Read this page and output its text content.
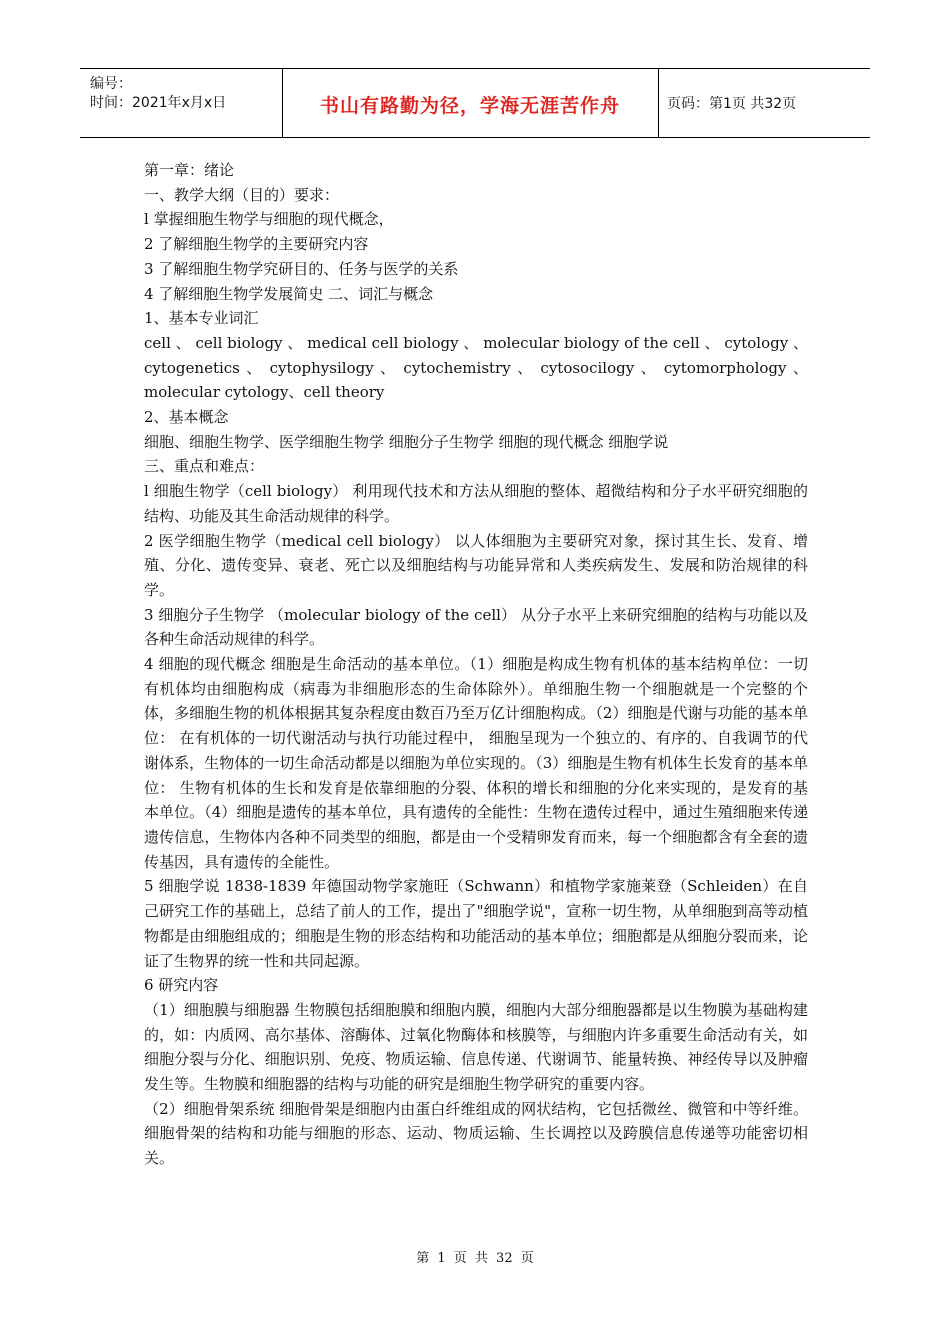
编号：
时间：2021年x月x日	书山有路勤为径，学海无涯苦作舟	页码：第1页 共32页

第一章：绪论

一、教学大纲（目的）要求：

l 掌握细胞生物学与细胞的现代概念，

2 了解细胞生物学的主要研究内容

3 了解细胞生物学究研目的、任务与医学的关系

4 了解细胞生物学发展简史 二、词汇与概念

1、基本专业词汇

cell 、 cell biology 、 medical cell biology 、 molecular biology of the cell 、 cytology 、 cytogenetics 、 cytophysilogy 、 cytochemistry 、 cytosocilogy 、 cytomorphology 、 molecular cytology、cell theory

2、基本概念

细胞、细胞生物学、医学细胞生物学 细胞分子生物学 细胞的现代概念 细胞学说

三、重点和难点：

l 细胞生物学（cell biology） 利用现代技术和方法从细胞的整体、超微结构和分子水平研究细胞的结构、功能及其生命活动规律的科学。

2 医学细胞生物学（medical cell biology） 以人体细胞为主要研究对象，探讨其生长、发育、增殖、分化、遗传变异、衰老、死亡以及细胞结构与功能异常和人类疾病发生、发展和防治规律的科学。

3 细胞分子生物学 （molecular biology of the cell） 从分子水平上来研究细胞的结构与功能以及各种生命活动规律的科学。

4 细胞的现代概念 细胞是生命活动的基本单位。（1）细胞是构成生物有机体的基本结构单位：一切有机体均由细胞构成（病毒为非细胞形态的生命体除外）。单细胞生物一个细胞就是一个完整的个体，多细胞生物的机体根据其复杂程度由数百乃至万亿计细胞构成。（2）细胞是代谢与功能的基本单位： 在有机体的一切代谢活动与执行功能过程中， 细胞呈现为一个独立的、有序的、自我调节的代谢体系，生物体的一切生命活动都是以细胞为单位实现的。（3）细胞是生物有机体生长发育的基本单位： 生物有机体的生长和发育是依靠细胞的分裂、体积的增长和细胞的分化来实现的，是发育的基本单位。（4）细胞是遗传的基本单位，具有遗传的全能性：生物在遗传过程中，通过生殖细胞来传递遗传信息，生物体内各种不同类型的细胞，都是由一个受精卵发育而来，每一个细胞都含有全套的遗传基因，具有遗传的全能性。

5 细胞学说 1838-1839 年德国动物学家施旺（Schwann）和植物学家施莱登（Schleiden）在自己研究工作的基础上，总结了前人的工作，提出了"细胞学说"，宣称一切生物，从单细胞到高等动植物都是由细胞组成的；细胞是生物的形态结构和功能活动的基本单位；细胞都是从细胞分裂而来，论证了生物界的统一性和共同起源。

6 研究内容

（1）细胞膜与细胞器 生物膜包括细胞膜和细胞内膜，细胞内大部分细胞器都是以生物膜为基础构建的，如：内质网、高尔基体、溶酶体、过氧化物酶体和核膜等，与细胞内许多重要生命活动有关，如细胞分裂与分化、细胞识别、免疫、物质运输、信息传递、代谢调节、能量转换、神经传导以及肿瘤发生等。生物膜和细胞器的结构与功能的研究是细胞生物学研究的重要内容。

（2）细胞骨架系统 细胞骨架是细胞内由蛋白纤维组成的网状结构，它包括微丝、微管和中等纤维。细胞骨架的结构和功能与细胞的形态、运动、物质运输、生长调控以及跨膜信息传递等功能密切相关。

第 1 页 共 32 页
